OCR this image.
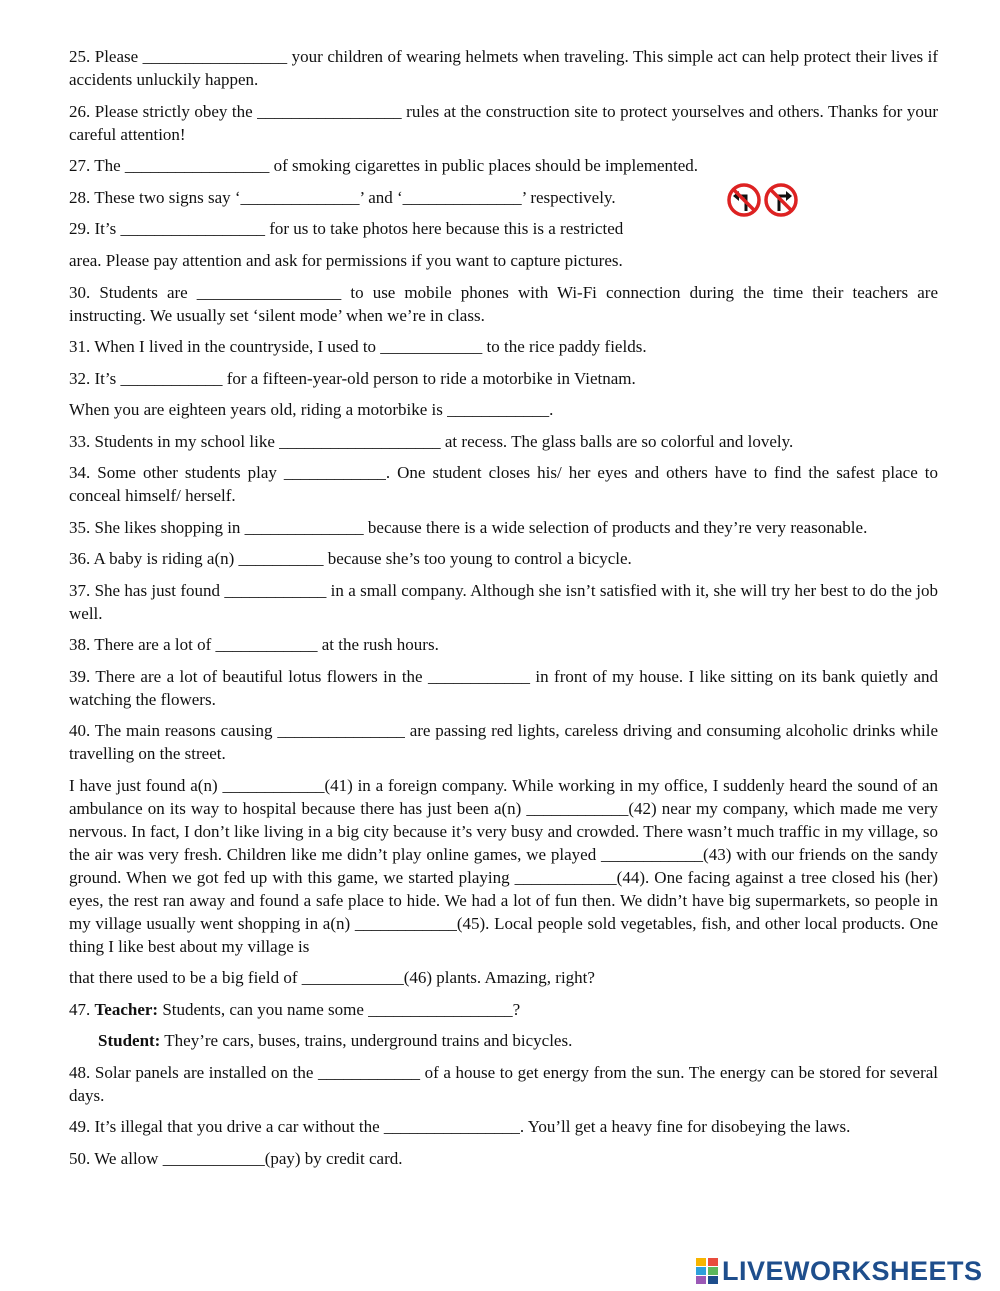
25. Please _________________ your children of wearing helmets when traveling. This simple act can help protect their lives if accidents unluckily happen.

26. Please strictly obey the _________________ rules at the construction site to protect yourselves and others. Thanks for your careful attention!

27. The _________________ of smoking cigarettes in public places should be implemented.

28. These two signs say ‘______________’ and ‘______________’ respectively.

29. It’s _________________ for us to take photos here because this is a restricted

area. Please pay attention and ask for permissions if you want to capture pictures.

30. Students are _________________ to use mobile phones with Wi-Fi connection during the time their teachers are instructing. We usually set ‘silent mode’ when we’re in class.

31. When I lived in the countryside, I used to ____________ to the rice paddy fields.

32. It’s ____________ for a fifteen-year-old person to ride a motorbike in Vietnam.

When you are eighteen years old, riding a motorbike is ____________.

33. Students in my school like ___________________ at recess. The glass balls are so colorful and lovely.

34. Some other students play ____________. One student closes his/ her eyes and others have to find the safest place to conceal himself/ herself.

35. She likes shopping in ______________ because there is a wide selection of products and they’re very reasonable.

36. A baby is riding a(n) __________ because she’s too young to control a bicycle.

37. She has just found ____________ in a small company. Although she isn’t satisfied with it, she will try her best to do the job well.

38. There are a lot of ____________ at the rush hours.

39. There are a lot of beautiful lotus flowers in the ____________ in front of my house. I like sitting on its bank quietly and watching the flowers.

40. The main reasons causing _______________ are passing red lights, careless driving and consuming alcoholic drinks while travelling on the street.

I have just found a(n) ____________(41) in a foreign company. While working in my office, I suddenly heard the sound of an ambulance on its way to hospital because there has just been a(n) ____________(42) near my company, which made me very nervous. In fact, I don’t like living in a big city because it’s very busy and crowded. There wasn’t much traffic in my village, so the air was very fresh. Children like me didn’t play online games, we played ____________(43) with our friends on the sandy ground. When we got fed up with this game, we started playing ____________(44). One facing against a tree closed his (her) eyes, the rest ran away and found a safe place to hide. We had a lot of fun then. We didn’t have big supermarkets, so people in my village usually went shopping in a(n) ____________(45). Local people sold vegetables, fish, and other local products. One thing I like best about my village is

that there used to be a big field of ____________(46) plants. Amazing, right?

47. Teacher: Students, can you name some _________________?

Student: They’re cars, buses, trains, underground trains and bicycles.

48. Solar panels are installed on the ____________ of a house to get energy from the sun. The energy can be stored for several days.

49. It’s illegal that you drive a car without the ________________. You’ll get a heavy fine for disobeying the laws.

50. We allow ____________(pay) by credit card.

LIVEWORKSHEETS
